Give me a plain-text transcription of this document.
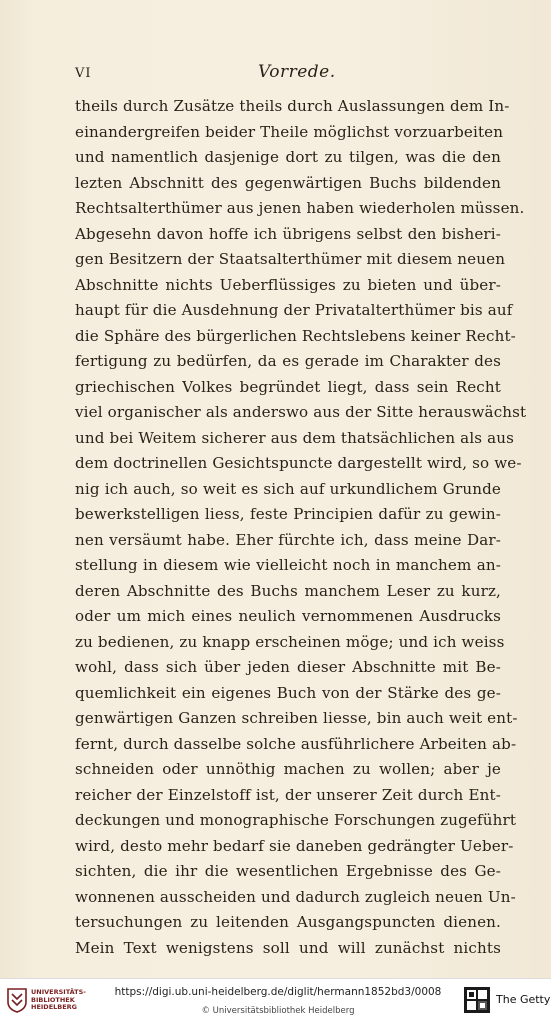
VI	Vorrede.
theils durch Zusätze theils durch Auslassungen dem In-
einandergreifen beider Theile möglichst vorzuarbeiten
und namentlich dasjenige dort zu tilgen, was die den
lezten Abschnitt des gegenwärtigen Buchs bildenden
Rechtsalterthümer aus jenen haben wiederholen müssen.
Abgesehn davon hoffe ich übrigens selbst den bisheri-
gen Besitzern der Staatsalterthümer mit diesem neuen
Abschnitte nichts Ueberflüssiges zu bieten und über-
haupt für die Ausdehnung der Privatalterthümer bis auf
die Sphäre des bürgerlichen Rechtslebens keiner Recht-
fertigung zu bedürfen, da es gerade im Charakter des
griechischen Volkes begründet liegt, dass sein Recht
viel organischer als anderswo aus der Sitte herauswächst
und bei Weitem sicherer aus dem thatsächlichen als aus
dem doctrinellen Gesichtspuncte dargestellt wird, so we-
nig ich auch, so weit es sich auf urkundlichem Grunde
bewerkstelligen liess, feste Principien dafür zu gewin-
nen versäumt habe. Eher fürchte ich, dass meine Dar-
stellung in diesem wie vielleicht noch in manchem an-
deren Abschnitte des Buchs manchem Leser zu kurz,
oder um mich eines neulich vernommenen Ausdrucks
zu bedienen, zu knapp erscheinen möge; und ich weiss
wohl, dass sich über jeden dieser Abschnitte mit Be-
quemlichkeit ein eigenes Buch von der Stärke des ge-
genwärtigen Ganzen schreiben liesse, bin auch weit ent-
fernt, durch dasselbe solche ausführlichere Arbeiten ab-
schneiden oder unnöthig machen zu wollen; aber je
reicher der Einzelstoff ist, der unserer Zeit durch Ent-
deckungen und monographische Forschungen zugeführt
wird, desto mehr bedarf sie daneben gedrängter Ueber-
sichten, die ihr die wesentlichen Ergebnisse des Ge-
wonnenen ausscheiden und dadurch zugleich neuen Un-
tersuchungen zu leitenden Ausgangspuncten dienen.
Mein Text wenigstens soll und will zunächst nichts
UNIVERSITÄTS-
BIBLIOTHEK
HEIDELBERG
https://digi.ub.uni-heidelberg.de/diglit/hermann1852bd3/0008
© Universitätsbibliothek Heidelberg
The Getty
